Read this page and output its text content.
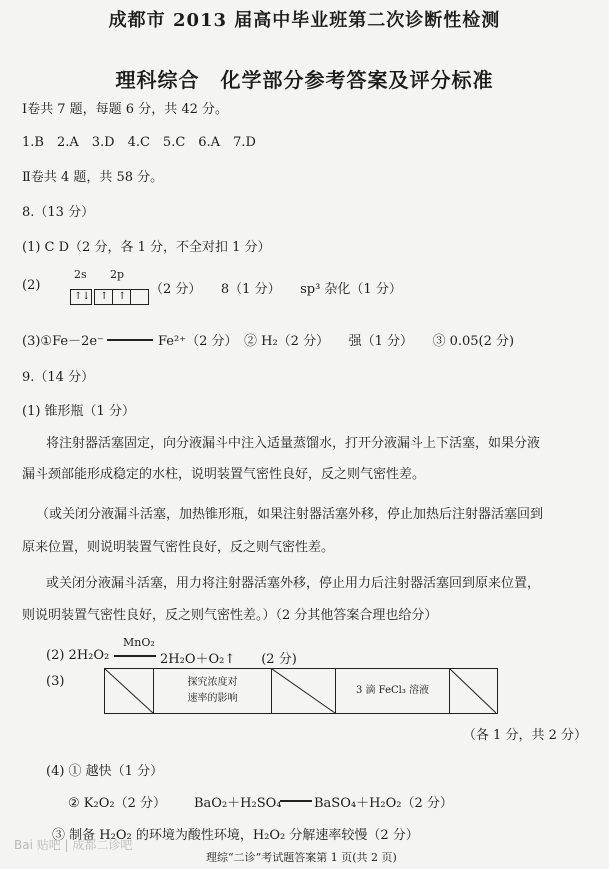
成都市 2013 届高中毕业班第二次诊断性检测
理科综合　化学部分参考答案及评分标准
Ⅰ卷共 7 题，每题 6 分，共 42 分。
1.B　2.A　3.D　4.C　5.C　6.A　7.D
Ⅱ卷共 4 题，共 58 分。
8.（13 分）
(1) C D（2 分，各 1 分，不全对扣 1 分）
(2)
2s 2p
↑ ↓ ↑ ↑ （2 分）　　8（1 分）　　sp³ 杂化（1 分）
(3)①Fe－2e⁻	Fe²⁺（2 分）　② H₂（2 分）　　强（1 分）　　③ 0.05(2 分)
9.（14 分）
(1) 锥形瓶（1 分）
将注射器活塞固定，向分液漏斗中注入适量蒸馏水，打开分液漏斗上下活塞，如果分液
漏斗颈部能形成稳定的水柱，说明装置气密性良好，反之则气密性差。
（或关闭分液漏斗活塞，加热锥形瓶，如果注射器活塞外移，停止加热后注射器活塞回到
原来位置，则说明装置气密性良好，反之则气密性差。
或关闭分液漏斗活塞，用力将注射器活塞外移，停止用力后注射器活塞回到原来位置，
则说明装置气密性良好，反之则气密性差。）（2 分其他答案合理也给分）
(2) 2H₂O₂
MnO₂
2H₂O＋O₂↑　　(2 分)
(3)	探究浓度对
速率的影响
3 滴 FeCl₃ 溶液
（各 1 分，共 2 分）
(4) ① 越快（1 分）
② K₂O₂（2 分） BaO₂＋H₂SO₄	BaSO₄＋H₂O₂（2 分）
③ 制备 H₂O₂ 的环境为酸性环境，H₂O₂ 分解速率较慢（2 分）
理综“二诊”考试题答案第 1 页(共 2 页)
Bai 贴吧 | 成都二诊吧
